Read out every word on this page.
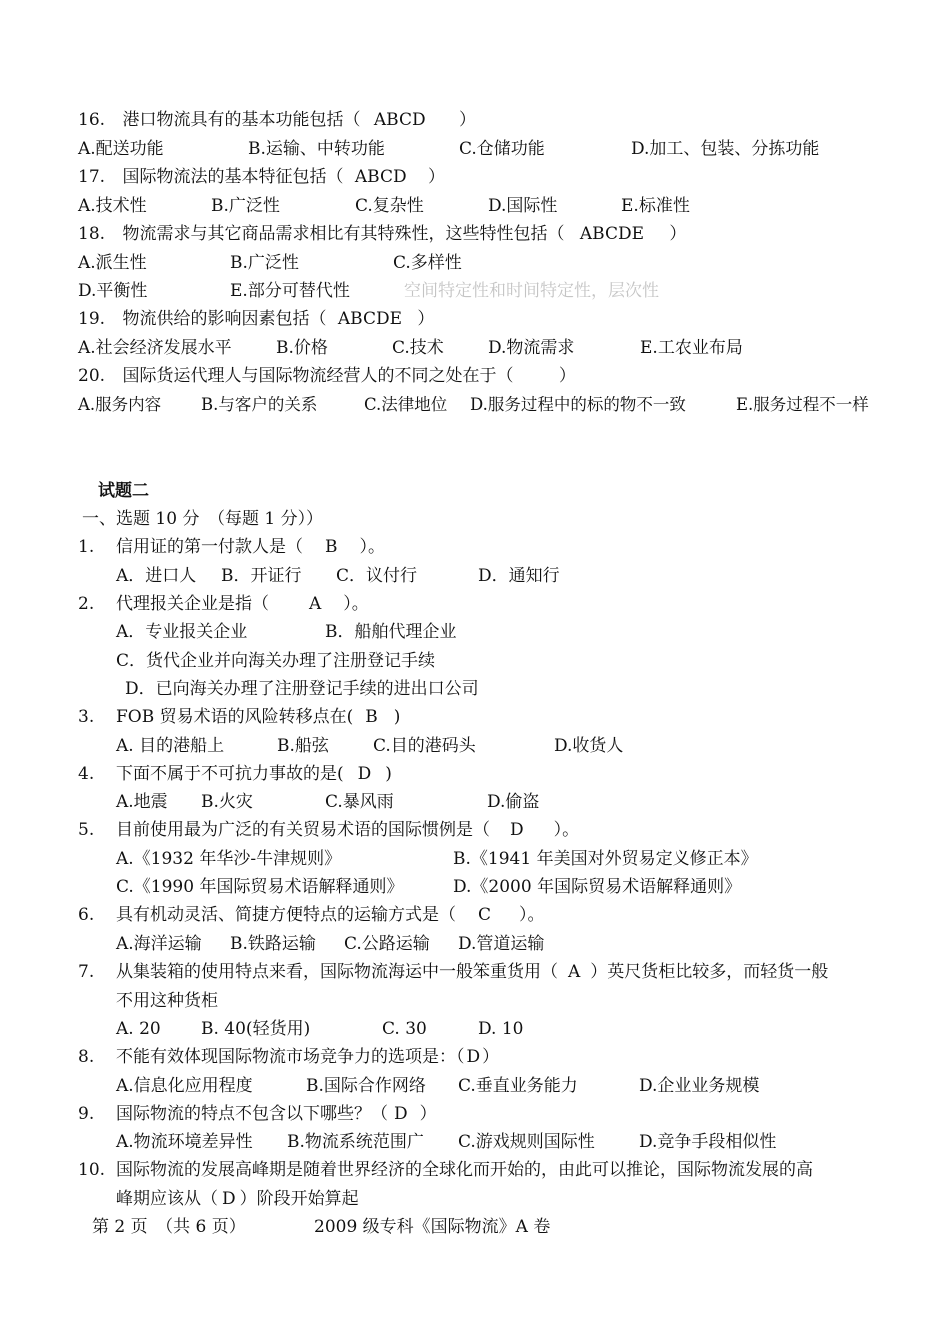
16. 港口物流具有的基本功能包括（ ABCD ）
A.配送功能	B.运输、中转功能	C.仓储功能	D.加工、包装、分拣功能
17. 国际物流法的基本特征包括（ ABCD ）
A.技术性	B.广泛性	C.复杂性	D.国际性	E.标准性
18. 物流需求与其它商品需求相比有其特殊性，这些特性包括（ ABCDE ）
A.派生性	B.广泛性	C.多样性
D.平衡性	E.部分可替代性	空间特定性和时间特定性，层次性
19. 物流供给的影响因素包括（ ABCDE ）
A.社会经济发展水平	B.价格	C.技术	D.物流需求	E.工农业布局
20. 国际货运代理人与国际物流经营人的不同之处在于（	）
A.服务内容 B.与客户的关系	C.法律地位 D.服务过程中的标的物不一致	E.服务过程不一样
试题二
一、选题 10 分　（每题 1 分））
1. 信用证的第一付款人是（ B ）。
A．进口人 B．开证行 C．议付行	D．通知行
2. 代理报关企业是指（ A ）。
A．专业报关企业	B．船舶代理企业
C．货代企业并向海关办理了注册登记手续
D．已向海关办理了注册登记手续的进出口公司
3. FOB 贸易术语的风险转移点在( B )
A. 目的港船上	B.船弦	C.目的港码头	D.收货人
4. 下面不属于不可抗力事故的是( D )
A.地震 B.火灾	C.暴风雨	D.偷盗
5. 目前使用最为广泛的有关贸易术语的国际惯例是（ D ）。
A.《1932 年华沙-牛津规则》	B.《1941 年美国对外贸易定义修正本》
C.《1990 年国际贸易术语解释通则》	D.《2000 年国际贸易术语解释通则》
6. 具有机动灵活、简捷方便特点的运输方式是（ C ）。
A.海洋运输 B.铁路运输 C.公路运输 D.管道运输
7. 从集装箱的使用特点来看，国际物流海运中一般笨重货用（ A ）英尺货柜比较多，而轻货一般
不用这种货柜
A. 20 B. 40(轻货用)	C. 30	D. 10
8. 不能有效体现国际物流市场竞争力的选项是：（ D ）
A.信息化应用程度	B.国际合作网络 C.垂直业务能力	D.企业业务规模
9. 国际物流的特点不包含以下哪些？（ D ）
A.物流环境差异性 B.物流系统范围广 C.游戏规则国际性	D.竞争手段相似性
10. 国际物流的发展高峰期是随着世界经济的全球化而开始的，由此可以推论，国际物流发展的高
峰期应该从（ D ）阶段开始算起
第 2 页　（共 6 页）	2009 级专科《国际物流》A 卷
